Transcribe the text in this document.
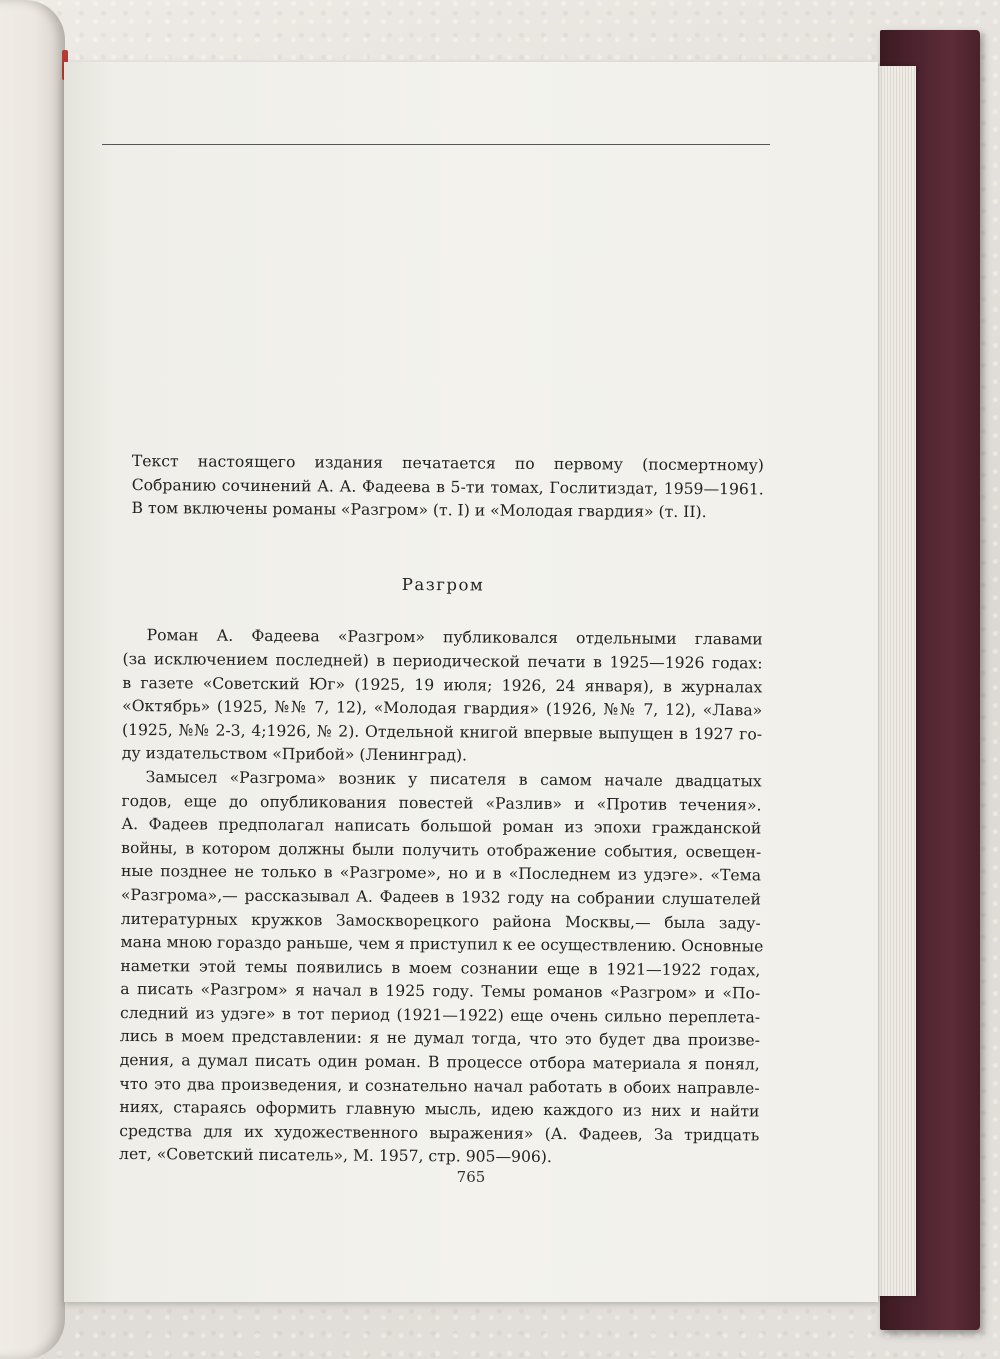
Текст настоящего издания печатается по первому (посмертному)
Собранию сочинений А. А. Фадеева в 5-ти томах, Гослитиздат, 1959—1961.
В том включены романы «Разгром» (т. I) и «Молодая гвардия» (т. II).
Разгром
Роман А. Фадеева «Разгром» публиковался отдельными главами
(за исключением последней) в периодической печати в 1925—1926 годах:
в газете «Советский Юг» (1925, 19 июля; 1926, 24 января), в журналах
«Октябрь» (1925, №№ 7, 12), «Молодая гвардия» (1926, №№ 7, 12), «Лава»
(1925, №№ 2-3, 4;1926, № 2). Отдельной книгой впервые выпущен в 1927 го-
ду издательством «Прибой» (Ленинград).
Замысел «Разгрома» возник у писателя в самом начале двадцатых
годов, еще до опубликования повестей «Разлив» и «Против течения».
А. Фадеев предполагал написать большой роман из эпохи гражданской
войны, в котором должны были получить отображение события, освещен-
ные позднее не только в «Разгроме», но и в «Последнем из удэге». «Тема
«Разгрома»,— рассказывал А. Фадеев в 1932 году на собрании слушателей
литературных кружков Замоскворецкого района Москвы,— была заду-
мана мною гораздо раньше, чем я приступил к ее осуществлению. Основные
наметки этой темы появились в моем сознании еще в 1921—1922 годах,
а писать «Разгром» я начал в 1925 году. Темы романов «Разгром» и «По-
следний из удэге» в тот период (1921—1922) еще очень сильно переплета-
лись в моем представлении: я не думал тогда, что это будет два произве-
дения, а думал писать один роман. В процессе отбора материала я понял,
что это два произведения, и сознательно начал работать в обоих направле-
ниях, стараясь оформить главную мысль, идею каждого из них и найти
средства для их художественного выражения» (А. Фадеев, За тридцать
лет, «Советский писатель», М. 1957, стр. 905—906).
765
